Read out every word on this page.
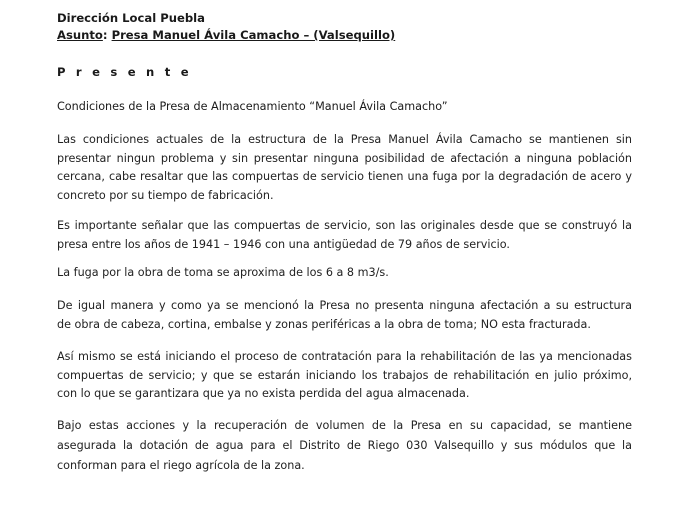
Dirección Local Puebla
Asunto: Presa Manuel Ávila Camacho – (Valsequillo)
P r e s e n t e
Condiciones de la Presa de Almacenamiento “Manuel Ávila Camacho”
Las condiciones actuales de la estructura de la Presa Manuel Ávila Camacho se mantienen sin
presentar ningun problema y sin presentar ninguna posibilidad de afectación a ninguna población
cercana, cabe resaltar que las compuertas de servicio tienen una fuga por la degradación de acero y
concreto por su tiempo de fabricación.
Es importante señalar que las compuertas de servicio, son las originales desde que se construyó la
presa entre los años de 1941 – 1946 con una antigüedad de 79 años de servicio.
La fuga por la obra de toma se aproxima de los 6 a 8 m3/s.
De igual manera y como ya se mencionó la Presa no presenta ninguna afectación a su estructura
de obra de cabeza, cortina, embalse y zonas periféricas a la obra de toma; NO esta fracturada.
Así mismo se está iniciando el proceso de contratación para la rehabilitación de las ya mencionadas
compuertas de servicio; y que se estarán iniciando los trabajos de rehabilitación en julio próximo,
con lo que se garantizara que ya no exista perdida del agua almacenada.
Bajo estas acciones y la recuperación de volumen de la Presa en su capacidad, se mantiene
asegurada la dotación de agua para el Distrito de Riego 030 Valsequillo y sus módulos que la
conforman para el riego agrícola de la zona.
